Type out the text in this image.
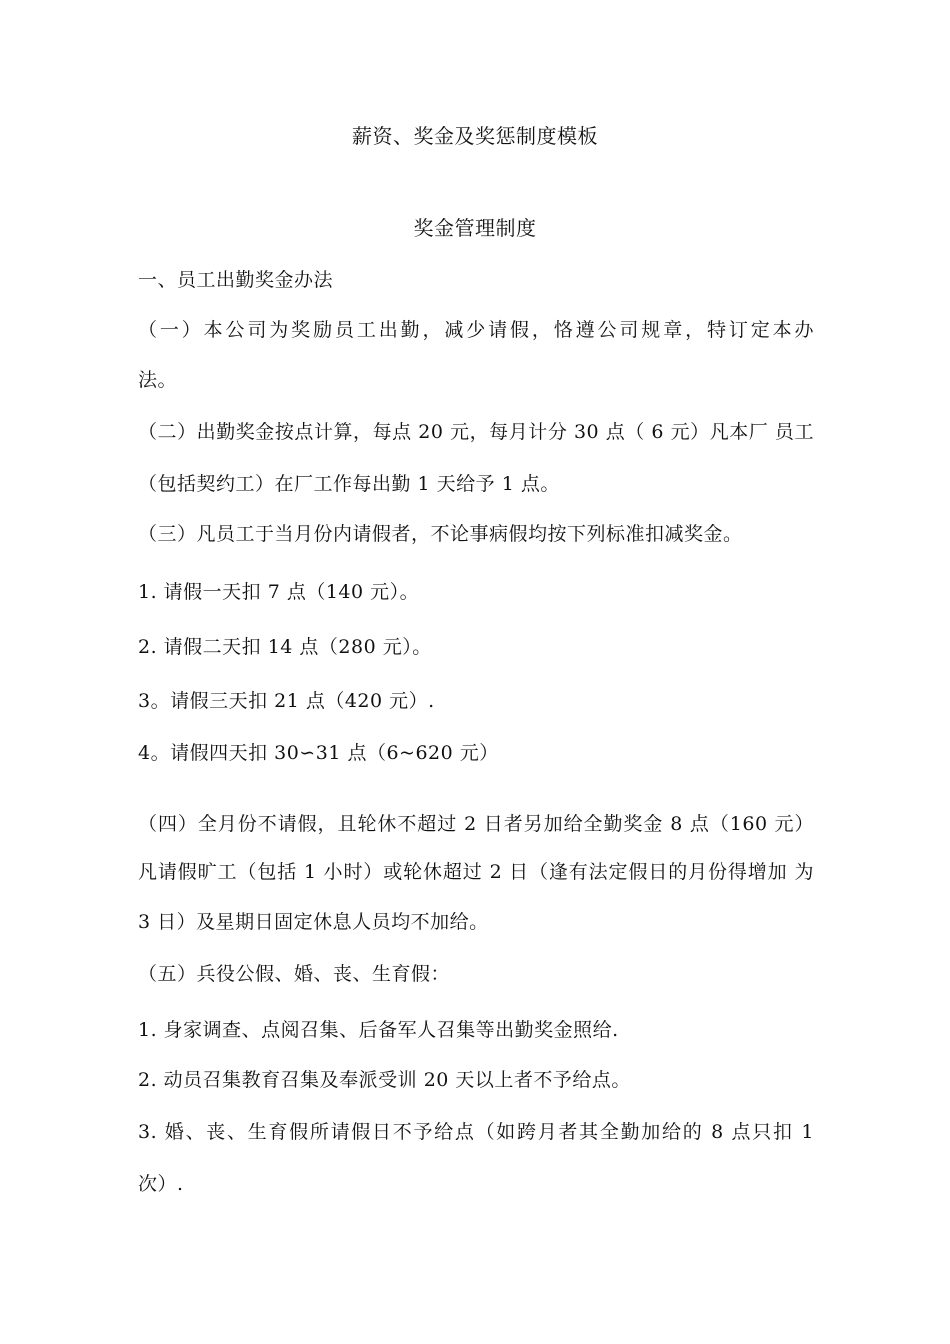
薪资、奖金及奖惩制度模板
奖金管理制度
一、员工出勤奖金办法
（一）本公司为奖励员工出勤，减少请假，恪遵公司规章，特订定本办
法。
（二）出勤奖金按点计算，每点 20 元，每月计分 30 点（ 6 元）凡本厂 员工
（包括契约工）在厂工作每出勤 1 天给予 1 点。
（三）凡员工于当月份内请假者，不论事病假均按下列标准扣减奖金。
1. 请假一天扣 7 点（140 元）。
2. 请假二天扣 14 点（280 元）。
3。请假三天扣 21 点（420 元）.
4。请假四天扣 30∽31 点（6~620 元）
（四）全月份不请假，且轮休不超过 2 日者另加给全勤奖金 8 点（160 元）
凡请假旷工（包括 1 小时）或轮休超过 2 日（逢有法定假日的月份得增加 为
3 日）及星期日固定休息人员均不加给。
（五）兵役公假、婚、丧、生育假：
1. 身家调查、点阅召集、后备军人召集等出勤奖金照给.
2. 动员召集教育召集及奉派受训 20 天以上者不予给点。
3. 婚、丧、生育假所请假日不予给点（如跨月者其全勤加给的 8 点只扣 1
次）.
